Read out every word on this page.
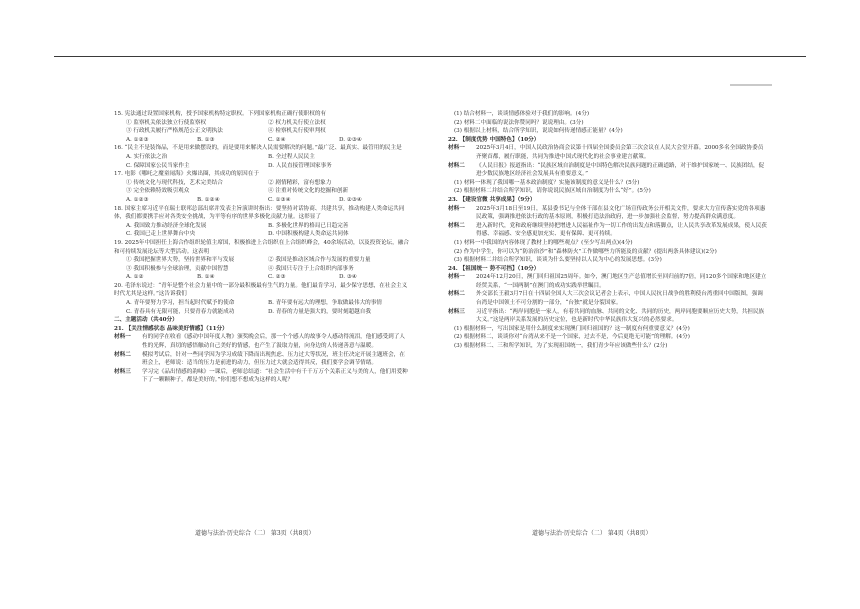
15. 宪法通过设置国家机构，授予国家机构特定职权。下列国家机构正确行使职权的有

① 监察机关依法独立行使监察权	② 权力机关行使立法权
③ 行政机关履行严格规范公正文明执法	④ 检察机关行使审判权
A. ①②③	B. ①③	C. ②④	D. ②③④

16. “民主不是装饰品，不是用来做摆设的，而是要用来解决人民需要解决的问题。”最广泛、最真实、最管用的民主是

A. 实行依法之治	B. 全过程人民民主
C. 保障国家公民当家作主	D. 人民直接管理国家事务

17. 电影《哪吒之魔童闹海》火爆出圈，其成功的原因在于

① 传统文化与现代科技，艺术完美结合	② 剧情精彩，富有想象力
③ 完全依赖特效吸引观众	④ 注重对传统文化的挖掘和创新
A. ①②③	B. ①②④	C. ①③④	D. ②③④

18. 国家主席习近平在瑞士联邦总部出席并发表主旨演讲时指出：要坚持对话协商、共建共享，推动构建人类命运共同体，我们都要携手应对各类安全挑战，为平等有序的世界多极化贡献力量。这彰显了

A. 我国致力推动经济全球化发展	B. 多极化世界的格局已日趋完善
C. 我国已走上世界舞台中央	D. 中国积极构建人类命运共同体

19. 2025年中国担任上海合作组织轮值主席国，积极推进上合组织在上合组织峰会，40余场活动，以及投资论坛，融合和可持续发展论坛等大型活动。这表明

① 我国把握世界大势，坚持世界和平与发展	② 我国是推动区域合作与发展的重要力量
③ 我国积极参与全球治理，贡献中国智慧	④ 我国只专注于上合组织内部事务
A. ①②	B. ①④	C. ②③	D. ③④

20. 毛泽东说过：“青年是整个社会力量中的一部分最积极最有生气的力量。他们最肯学习，最少保守思想，在社会主义时代尤其是这样。”这告诉我们

A. 青年要努力学习，担当起时代赋予的使命	B. 青年要有远大的理想，争取做最伟大的事情
C. 青春具有无限可能，只要青春力就能成功	D. 青春的力量是强大的，要时刻超越自我

二、主题活动（共40分）

21. 【关注情感状态 品味美好情感】（11分）

材料一	有的同学在收看《感动中国年度人物》颁奖晚会后，那一个个感人的故事令人感动得流泪，他们感受到了人性的光辉，真切的感悟触动自己美好的情感，也产生了汲取力量，向身边的人传递善意与温暖。
材料二	模拟考试后，针对一些同学因为学习成绩下降而出现焦虑、压力过大等状况，班主任决定开展主题班会，在班会上，老师说：适当的压力是前进的动力，但压力过大就会适得其反，我们要学会调节情绪。
材料三	学习完《品出情感的韵味》一课后，老师总结道：“社会生活中有千千万万个关系正义与美的人，他们用爱种下了一颗颗种子，都是美好的。”你们想不想成为这样的人呢？

(1) 结合材料一，谈谈情感体验对于我们的影响。(4分)

(2) 材料二中面临的说法你赞同吗？说说理由。(3分)

(3) 根据以上材料，结合所学知识，说说如何传递情感正能量？(4分)

22. 【制度优势 中国特色】（10分）

材料一	2025年3月4日，中国人民政治协商会议第十四届全国委员会第三次会议在人民大会堂开幕。2000多名全国政协委员齐聚首都，履行职能，共同为推进中国式现代化的社会事业建言献策。
材料二	《人民日报》报道指出：“民族区域自治制度是中国特色解决民族问题的正确道路，对于维护国家统一、民族团结，促进少数民族地区经济社会发展具有重要意义。”

(1) 材料一体现了我国哪一基本政治制度？实施该制度的意义是什么？(5分)

(2) 根据材料二并结合所学知识，请你说说民族区域自治制度为什么“好”。(5分)

23. 【建设官微 共享成果】（9分）

材料一	2025年3月18日至19日，某县委书记与全体干部在县文化广场宣传政务公开相关文件，要求大力宣传落实党的各项惠民政策，强调推进依法行政的基本原则，积极打造法治政府，进一步加强社会监督，努力提高群众满意度。
材料二	进入新时代，党和政府继续坚持把增进人民福祉作为一切工作的出发点和落脚点，让人民共享改革发展成果，使人民获得感、幸福感、安全感更加充实、更有保障、更可持续。

(1) 材料一中我国的内容体现了教材上的哪些观点？(至少写出两点)(4分)

(2) 作为中学生，你可以为“防治治沙”和“森林防火”工作做哪些力所能及的贡献？(提出两条具体建议)(2分)

(3) 根据材料二并结合所学知识，谈谈为什么要坚持以人民为中心的发展思想。(3分)

24. 【祖国统一 势不可挡】（10分）

材料一	2024年12月20日，澳门回归祖国25周年。如今，澳门地区生产总值增长至回归前的7倍，同120多个国家和地区建立经贸关系，“一国两制”在澳门的成功实践举世瞩目。
材料二	外交部长王毅3月7日在十四届全国人大三次会议记者会上表示，中国人民抗日战争的胜利使台湾重回中国版图，强调台湾是中国领土不可分割的一部分，“台独”就是分裂国家。
材料三	习近平指出：“两岸同胞是一家人，有着共同的血脉、共同的文化、共同的历史，两岸同胞要顺应历史大势，共担民族大义。”这是两岸关系发展的历史定位，也是新时代中华民族伟大复兴的必然要求。

(1) 根据材料一，写出国家是用什么制度来实现澳门回归祖国的？这一制度有何重要意义？(4分)

(2) 根据材料二，谈谈你对“台湾从来不是一个国家，过去不是，今后更绝无可能”的理解。(4分)

(3) 根据材料二、三和所学知识，为了实现祖国统一，我们青少年应该做些什么？(2分)

道德与法治·历史综合（二） 第3页（共8页）	道德与法治·历史综合（二） 第4页（共8页）
